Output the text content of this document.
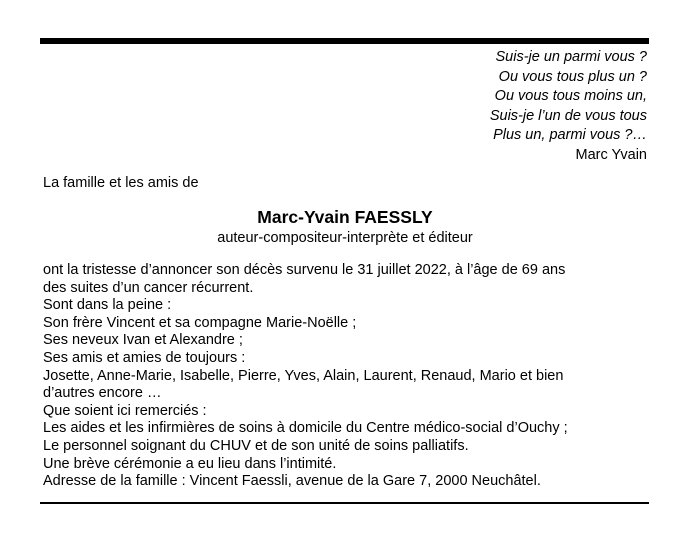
Suis-je un parmi vous ?
Ou vous tous plus un ?
Ou vous tous moins un,
Suis-je l’un de vous tous
Plus un, parmi vous ?…
Marc Yvain
La famille et les amis de
Marc-Yvain FAESSLY
auteur-compositeur-interprète et éditeur
ont la tristesse d’annoncer son décès survenu le 31 juillet 2022, à l’âge de 69 ans
des suites d’un cancer récurrent.
Sont dans la peine :
Son frère Vincent et sa compagne Marie-Noëlle ;
Ses neveux Ivan et Alexandre ;
Ses amis et amies de toujours :
Josette, Anne-Marie, Isabelle, Pierre, Yves, Alain, Laurent, Renaud, Mario et bien
d’autres encore …
Que soient ici remerciés :
Les aides et les infirmières de soins à domicile du Centre médico-social d’Ouchy ;
Le personnel soignant du CHUV et de son unité de soins palliatifs.
Une brève cérémonie a eu lieu dans l’intimité.
Adresse de la famille : Vincent Faessli, avenue de la Gare 7, 2000 Neuchâtel.
